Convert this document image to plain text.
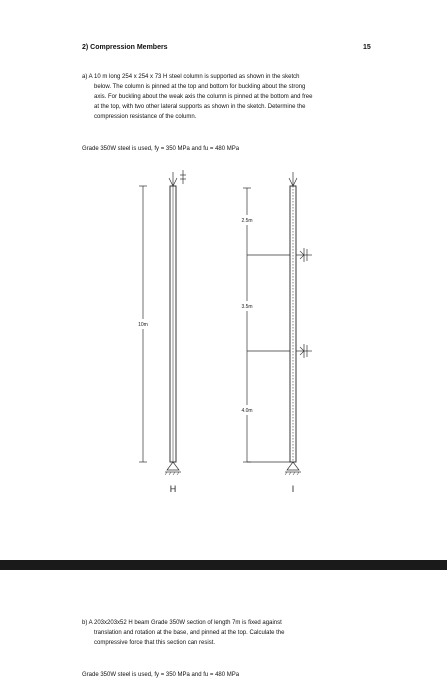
2) Compression Members	15
a) A 10 m long 254 x 254 x 73 H steel column is supported as shown in the sketch
below. The column is pinned at the top and bottom for buckling about the strong
axis. For buckling about the weak axis the column is pinned at the bottom and free
at the top, with two other lateral supports as shown in the sketch. Determine the
compression resistance of the column.
Grade 350W steel is used, fy = 350 MPa and fu = 480 MPa
10m
H
2.5m
3.5m
4.0m
I
b) A 203x203x52 H beam Grade 350W section of length 7m is fixed against
translation and rotation at the base, and pinned at the top. Calculate the
compressive force that this section can resist.
Grade 350W steel is used, fy = 350 MPa and fu = 480 MPa
